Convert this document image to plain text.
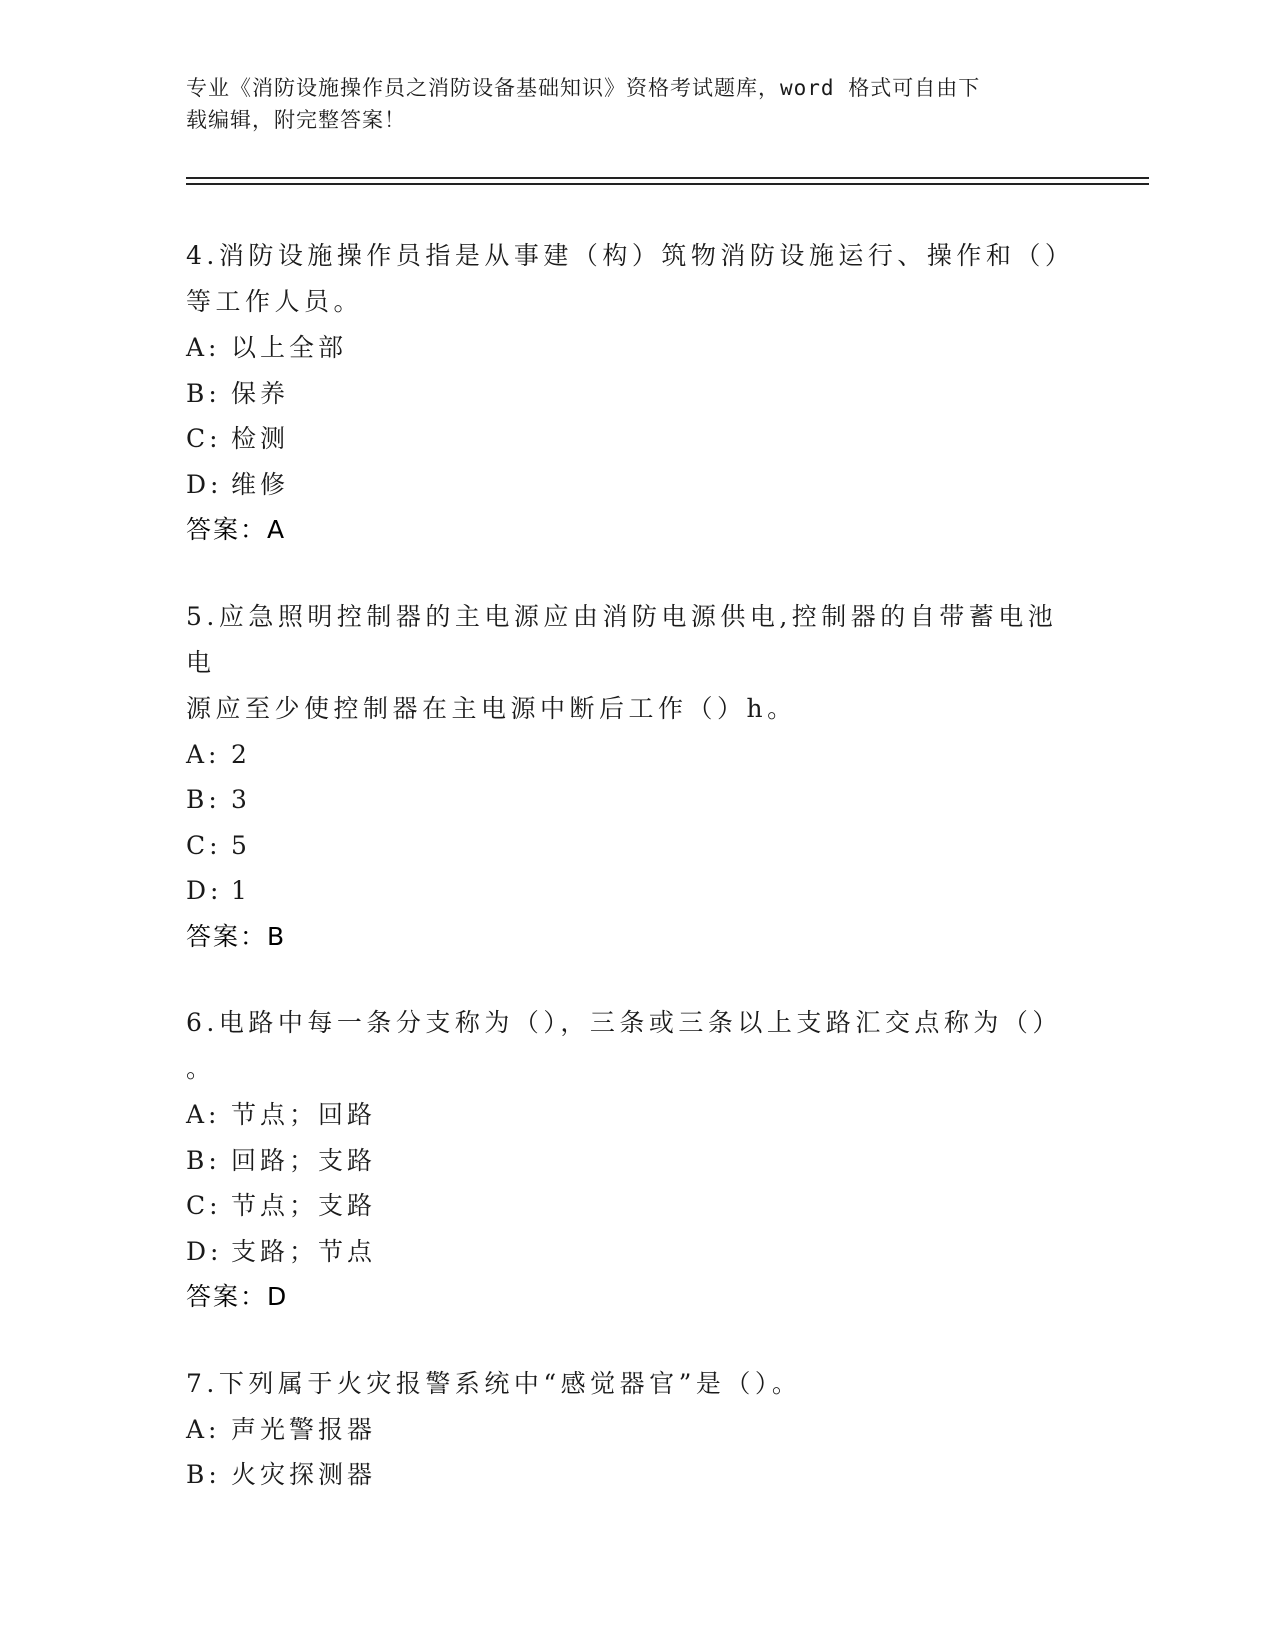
专业《消防设施操作员之消防设备基础知识》资格考试题库，word 格式可自由下
载编辑，附完整答案！

4.消防设施操作员指是从事建（构）筑物消防设施运行、操作和（）
等工作人员。

A: 以上全部
B: 保养
C: 检测
D: 维修
答案：A

5.应急照明控制器的主电源应由消防电源供电,控制器的自带蓄电池电
源应至少使控制器在主电源中断后工作（）h。

A: 2
B: 3
C: 5
D: 1
答案：B

6.电路中每一条分支称为（），三条或三条以上支路汇交点称为（）
。

A: 节点；回路
B: 回路；支路
C: 节点；支路
D: 支路；节点
答案：D

7.下列属于火灾报警系统中“感觉器官”是（）。

A: 声光警报器
B: 火灾探测器
